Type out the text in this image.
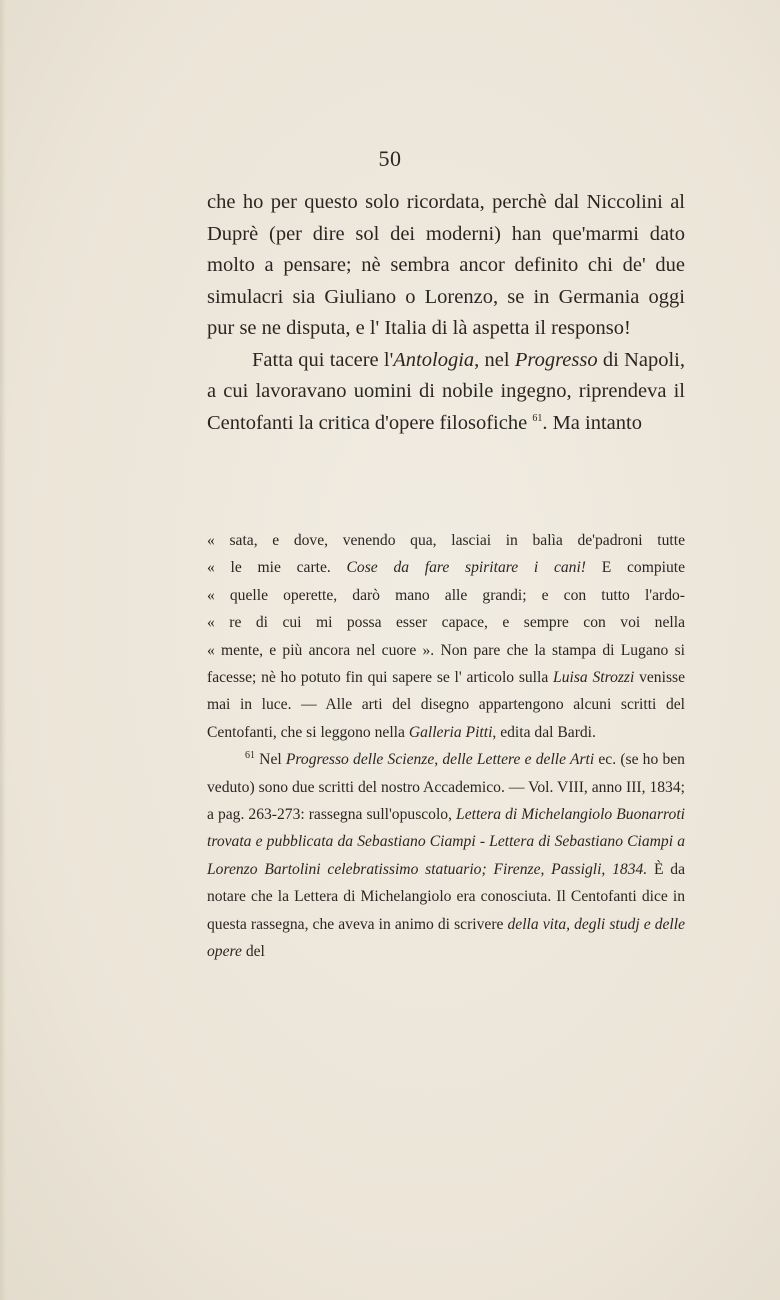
50

che ho per questo solo ricordata, perchè dal Niccolini al Duprè (per dire sol dei moderni) han que'marmi dato molto a pensare; nè sembra ancor definito chi de' due simulacri sia Giuliano o Lorenzo, se in Germania oggi pur se ne disputa, e l' Italia di là aspetta il responso!

Fatta qui tacere l'Antologia, nel Progresso di Napoli, a cui lavoravano uomini di nobile ingegno, riprendeva il Centofanti la critica d'opere filosofiche $^{61}$. Ma intanto

« sata, e dove, venendo qua, lasciai in balìa de'padroni tutte
« le mie carte. Cose da fare spiritare i cani! E compiute
« quelle operette, darò mano alle grandi; e con tutto l'ardo-
« re di cui mi possa esser capace, e sempre con voi nella
« mente, e più ancora nel cuore ». Non pare che la stampa di Lugano si facesse; nè ho potuto fin qui sapere se l' articolo sulla Luisa Strozzi venisse mai in luce. — Alle arti del disegno appartengono alcuni scritti del Centofanti, che si leggono nella Galleria Pitti, edita dal Bardi.

$^{61}$ Nel Progresso delle Scienze, delle Lettere e delle Arti ec. (se ho ben veduto) sono due scritti del nostro Accademico. — Vol. VIII, anno III, 1834; a pag. 263-273: rassegna sull'opuscolo, Lettera di Michelangiolo Buonarroti trovata e pubblicata da Sebastiano Ciampi - Lettera di Sebastiano Ciampi a Lorenzo Bartolini celebratissimo statuario; Firenze, Passigli, 1834. È da notare che la Lettera di Michelangiolo era conosciuta. Il Centofanti dice in questa rassegna, che aveva in animo di scrivere della vita, degli studj e delle opere del
